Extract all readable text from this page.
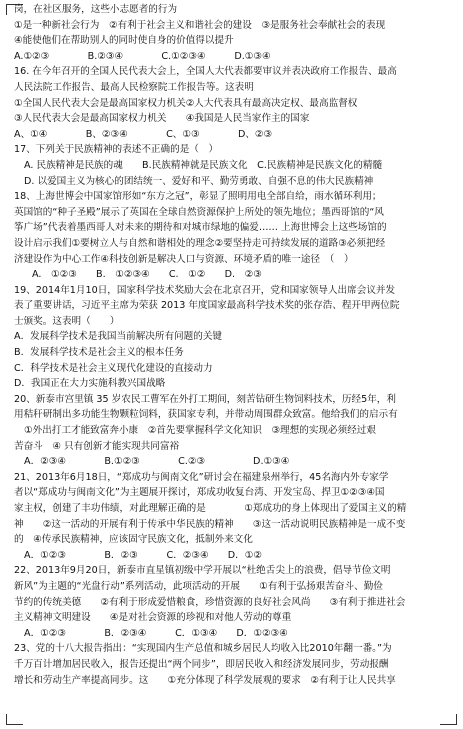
岗，在社区服务，这些小志愿者的行为
①是一种新社会行为　②有利于社会主义和谐社会的建设　③是服务社会奉献社会的表现
④能使他们在帮助别人的同时使自身的价值得以提升
A.①②③　　　　B.②③④　　　　C.①②③④　　　D.①③④
16. 在今年召开的全国人民代表大会上，全国人大代表都要审议并表决政府工作报告、最高
人民法院工作报告、最高人民检察院工作报告等。这表明
①全国人民代表大会是最高国家权力机关②人大代表具有最高决定权、最高监督权
③人民代表大会是最高国家权力机关　　④我国是人民当家作主的国家
A、①④　　　　B、②③④　　　　C、①③　　　　D、②③
17、下列关于民族精神的表述不正确的是（　）
A. 民族精神是民族的魂　　B.民族精神就是民族文化　C.民族精神是民族文化的精髓
D. 以爱国主义为核心的团结统一、爱好和平、勤劳勇敢、自强不息的伟大民族精神
18、上海世博会中国家馆形如“东方之冠”，彰显了照明用电全部自给，雨水循环利用；
英国馆的“种子圣殿”展示了英国在全球自然资源保护上所处的领先地位；墨西哥馆的“风
筝广场”代表着墨西哥人对未来的期待和对城市绿地的偏爱…… 上海世博会上这些场馆的
设计启示我们①要树立人与自然和谐相处的理念②要坚持走可持续发展的道路③必须把经
济建设作为中心工作④科技创新是解决人口与资源、环境矛盾的唯一途径　（　）
A.　①②③　　B.　①②③④　　C.　①②　　D.　②③
19、2014年1月10日，国家科学技术奖励大会在北京召开，党和国家领导人出席会议并发
表了重要讲话，习近平主席为荣获 2013 年度国家最高科学技术奖的张存浩、程开甲两位院
士颁奖。这表明（　　）
A．发展科学技术是我国当前解决所有问题的关键
B．发展科学技术是社会主义的根本任务
C．科学技术是社会主义现代化建设的直接动力
D．我国正在大力实施科教兴国战略
20、新泰市宫里镇 35 岁农民工曹军在外打工期间，刻苦钻研生物饲料技术，历经5年，利
用秸秆研制出多功能生物颗粒饲料，获国家专利，并带动周围群众致富。他给我们的启示有
①外出打工才能致富奔小康　②首先要掌握科学文化知识　③理想的实现必须经过艰
苦奋斗　④ 只有创新才能实现共同富裕
A．②③④　　　　B.①②③　　　　C.②③　　　　　D.①③④
21、2013年6月18日，“郑成功与闽南文化”研讨会在福建泉州举行，45名海内外专家学
者以“郑成功与闽南文化”为主题展开探讨，郑成功收复台湾、开发宝岛、捍卫①②③④国
家主权，创建了丰功伟绩，对此理解正确的是　　　　①郑成功的身上体现出了爱国主义的精
神　　②这一活动的开展有利于传承中华民族的精神　　③这一活动说明民族精神是一成不变
的　④传承民族精神，应该固守民族文化，抵制外来文化
A．①②③　　　　B．②③　　　C．②③④　　D．①②
22、2013年9月20日，新泰市直星镇初级中学开展以“杜绝舌尖上的浪费，倡导节俭文明
新风”为主题的“光盘行动”系列活动，此项活动的开展　　①有利于弘扬艰苦奋斗、勤俭
节约的传统美德　　②有利于形成爱惜粮食，珍惜资源的良好社会风尚　　③有利于推进社会
主义精神文明建设　　④是对社会资源的珍视和对他人劳动的尊重
A．①②③　　　　B．②③④　　　C．①③④　　D．①②③④
23、党的十八大报告指出：“实现国内生产总值和城乡居民人均收入比2010年翻一番。”为
千万百计增加居民收入，报告还提出“两个同步”，即居民收入和经济发展同步，劳动报酬
增长和劳动生产率提高同步。这　　①充分体现了科学发展观的要求　②有利于让人民共享
